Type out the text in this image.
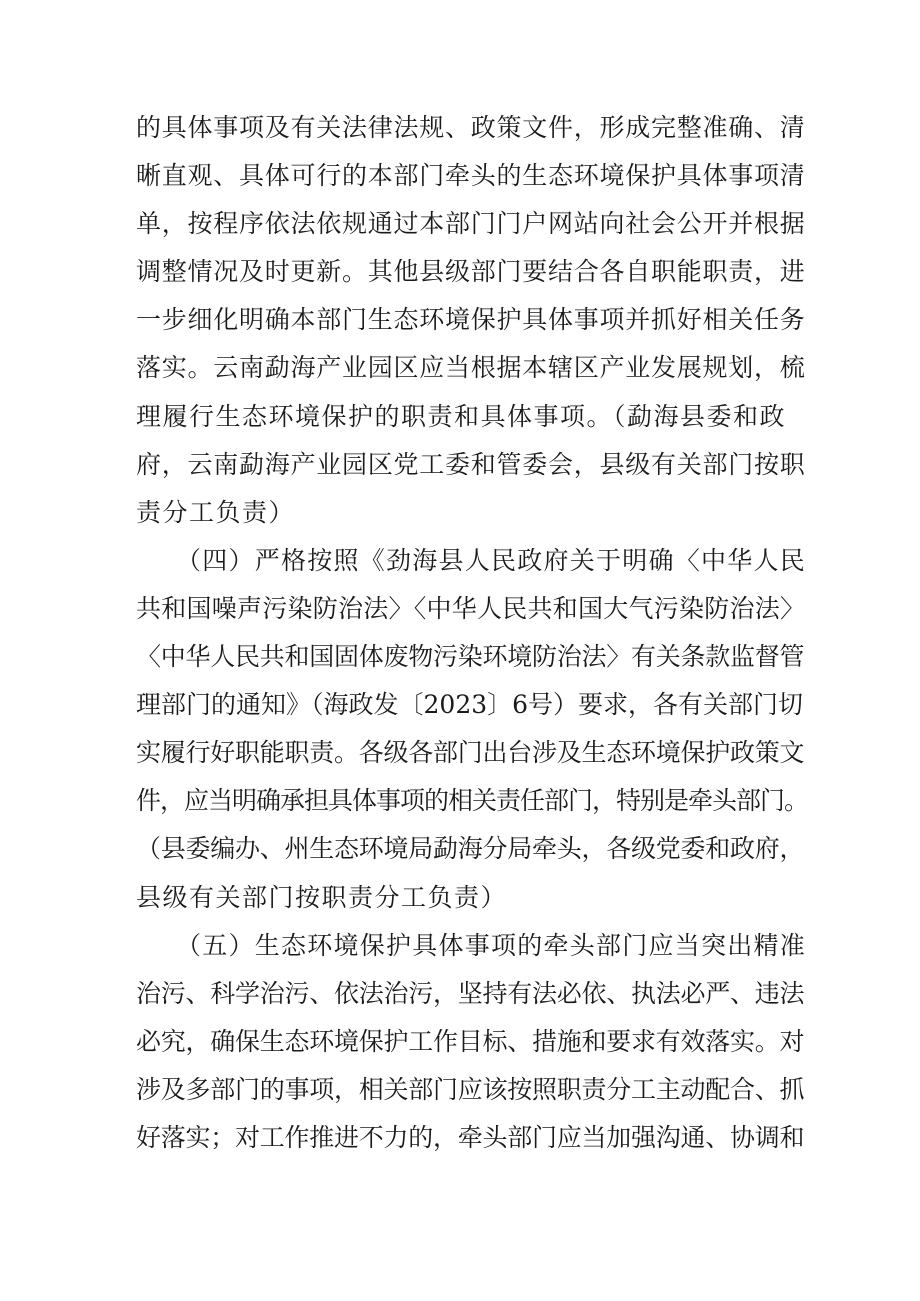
的具体事项及有关法律法规、政策文件，形成完整准确、清
晰直观、具体可行的本部门牵头的生态环境保护具体事项清
单，按程序依法依规通过本部门门户网站向社会公开并根据
调整情况及时更新。其他县级部门要结合各自职能职责，进
一步细化明确本部门生态环境保护具体事项并抓好相关任务
落实。云南勐海产业园区应当根据本辖区产业发展规划，梳
理履行生态环境保护的职责和具体事项。（勐海县委和政
府，云南勐海产业园区党工委和管委会，县级有关部门按职
责分工负责）
　　（四）严格按照《劲海县人民政府关于明确〈中华人民
共和国噪声污染防治法〉〈中华人民共和国大气污染防治法〉
〈中华人民共和国固体废物污染环境防治法〉有关条款监督管
理部门的通知》（海政发〔2023〕6号）要求，各有关部门切
实履行好职能职责。各级各部门出台涉及生态环境保护政策文
件，应当明确承担具体事项的相关责任部门，特别是牵头部门。
（县委编办、州生态环境局勐海分局牵头，各级党委和政府，
县级有关部门按职责分工负责）
　　（五）生态环境保护具体事项的牵头部门应当突出精准
治污、科学治污、依法治污，坚持有法必依、执法必严、违法
必究，确保生态环境保护工作目标、措施和要求有效落实。对
涉及多部门的事项，相关部门应该按照职责分工主动配合、抓
好落实；对工作推进不力的，牵头部门应当加强沟通、协调和
